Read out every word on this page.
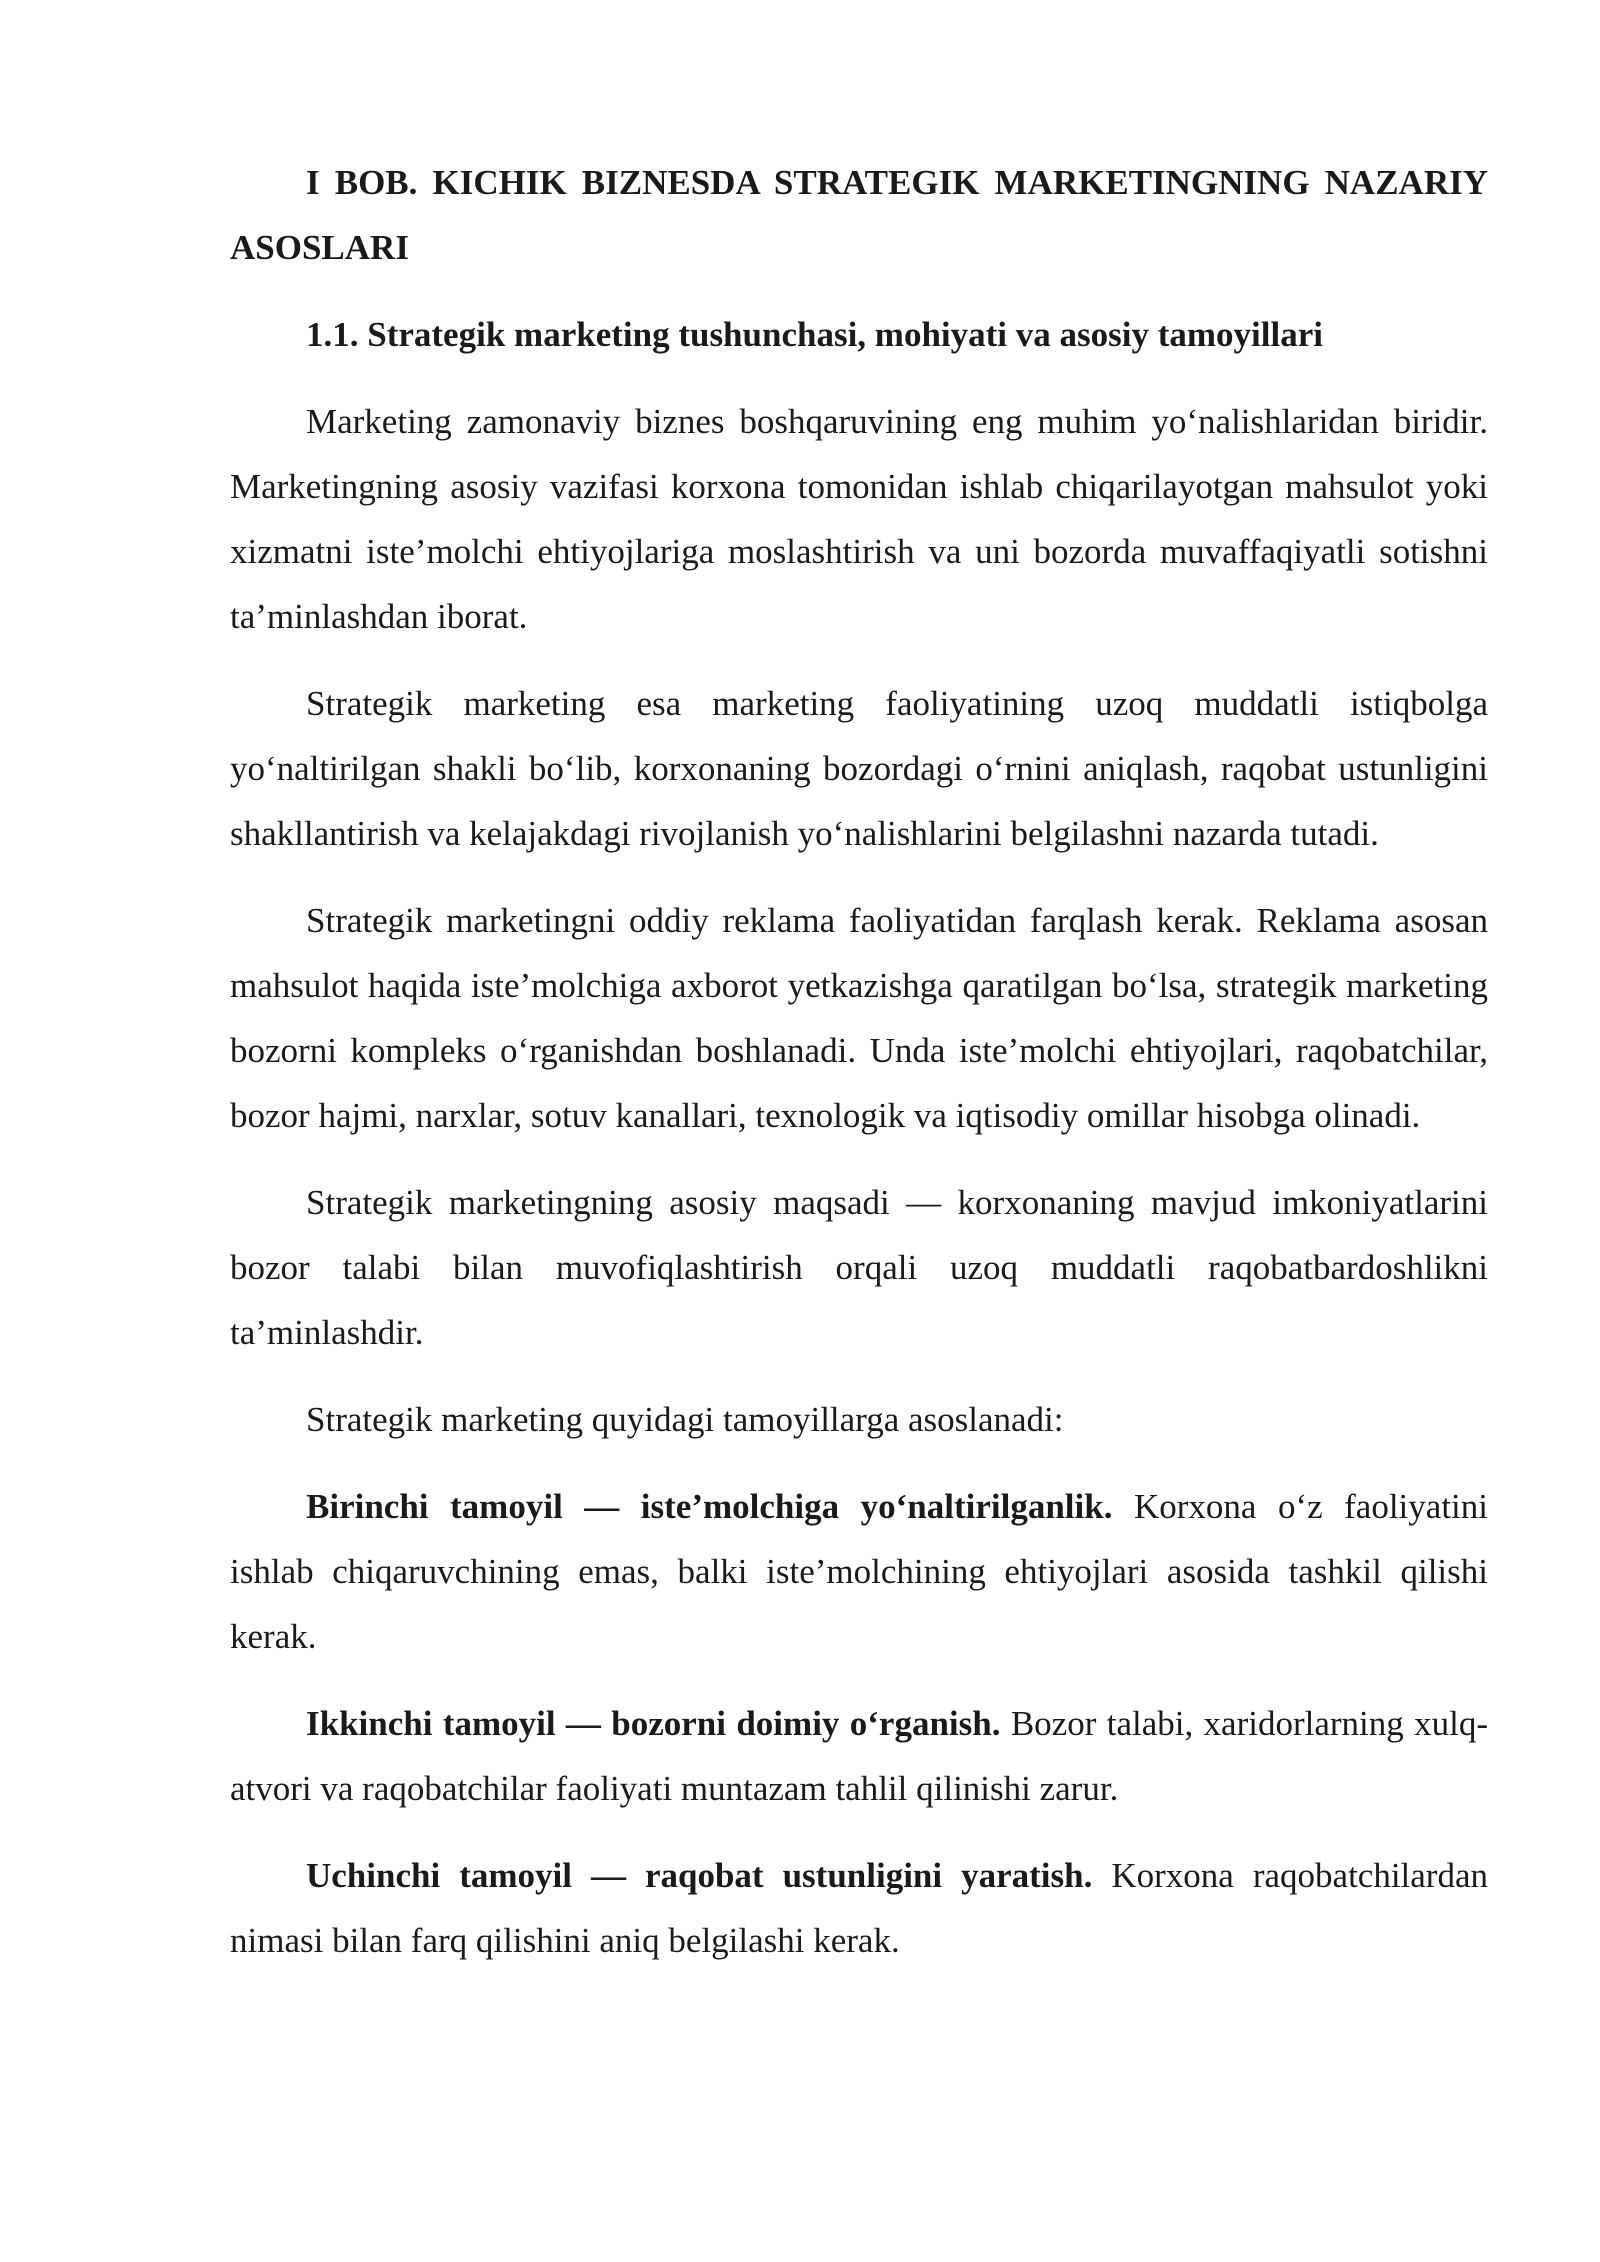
I BOB. KICHIK BIZNESDA STRATEGIK MARKETINGNING NAZARIY ASOSLARI

1.1. Strategik marketing tushunchasi, mohiyati va asosiy tamoyillari

Marketing zamonaviy biznes boshqaruvining eng muhim yo‘nalishlaridan biridir. Marketingning asosiy vazifasi korxona tomonidan ishlab chiqarilayotgan mahsulot yoki xizmatni iste’molchi ehtiyojlariga moslashtirish va uni bozorda muvaffaqiyatli sotishni ta’minlashdan iborat.

Strategik marketing esa marketing faoliyatining uzoq muddatli istiqbolga yo‘naltirilgan shakli bo‘lib, korxonaning bozordagi o‘rnini aniqlash, raqobat ustunligini shakllantirish va kelajakdagi rivojlanish yo‘nalishlarini belgilashni nazarda tutadi.

Strategik marketingni oddiy reklama faoliyatidan farqlash kerak. Reklama asosan mahsulot haqida iste’molchiga axborot yetkazishga qaratilgan bo‘lsa, strategik marketing bozorni kompleks o‘rganishdan boshlanadi. Unda iste’molchi ehtiyojlari, raqobatchilar, bozor hajmi, narxlar, sotuv kanallari, texnologik va iqtisodiy omillar hisobga olinadi.

Strategik marketingning asosiy maqsadi — korxonaning mavjud imkoniyatlarini bozor talabi bilan muvofiqlashtirish orqali uzoq muddatli raqobatbardoshlikni ta’minlashdir.

Strategik marketing quyidagi tamoyillarga asoslanadi:

Birinchi tamoyil — iste’molchiga yo‘naltirilganlik. Korxona o‘z faoliyatini ishlab chiqaruvchining emas, balki iste’molchining ehtiyojlari asosida tashkil qilishi kerak.

Ikkinchi tamoyil — bozorni doimiy o‘rganish. Bozor talabi, xaridorlarning xulq-atvori va raqobatchilar faoliyati muntazam tahlil qilinishi zarur.

Uchinchi tamoyil — raqobat ustunligini yaratish. Korxona raqobatchilardan nimasi bilan farq qilishini aniq belgilashi kerak.
